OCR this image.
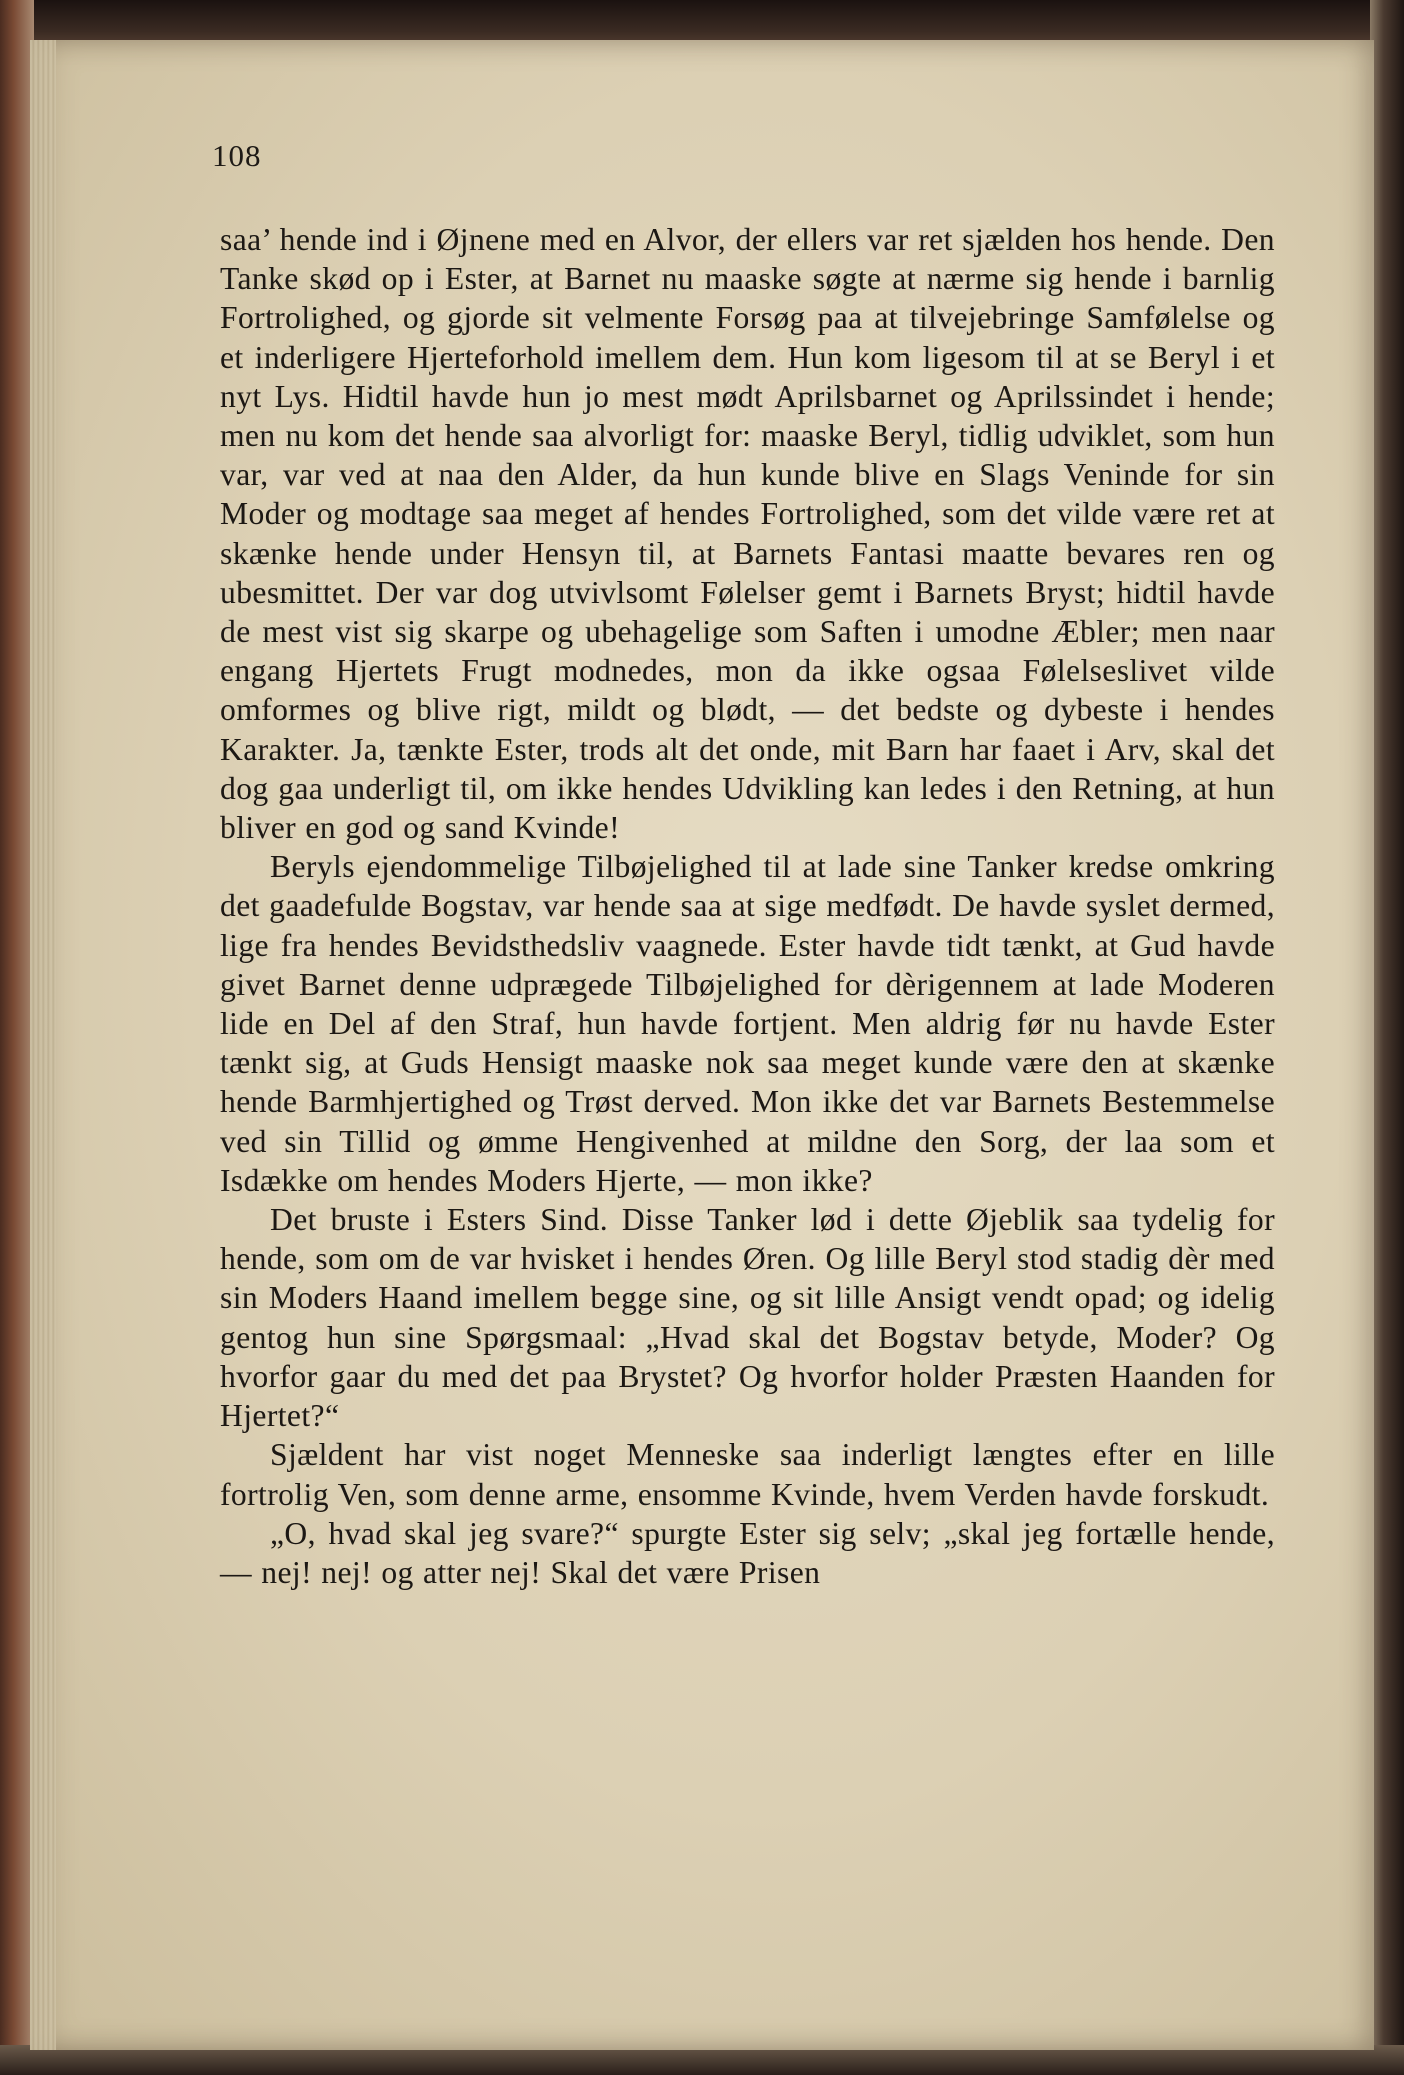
108

saa’ hende ind i Øjnene med en Alvor, der ellers var ret sjælden hos hende. Den Tanke skød op i Ester, at Barnet nu maaske søgte at nærme sig hende i barnlig Fortrolighed, og gjorde sit velmente Forsøg paa at tilvejebringe Samfølelse og et inderligere Hjerteforhold imellem dem. Hun kom ligesom til at se Beryl i et nyt Lys. Hidtil havde hun jo mest mødt Aprilsbarnet og Aprilssindet i hende; men nu kom det hende saa alvorligt for: maaske Beryl, tidlig udviklet, som hun var, var ved at naa den Alder, da hun kunde blive en Slags Veninde for sin Moder og modtage saa meget af hendes Fortrolighed, som det vilde være ret at skænke hende under Hensyn til, at Barnets Fantasi maatte bevares ren og ubesmittet. Der var dog utvivlsomt Følelser gemt i Barnets Bryst; hidtil havde de mest vist sig skarpe og ubehagelige som Saften i umodne Æbler; men naar engang Hjertets Frugt modnedes, mon da ikke ogsaa Følelseslivet vilde omformes og blive rigt, mildt og blødt, — det bedste og dybeste i hendes Karakter. Ja, tænkte Ester, trods alt det onde, mit Barn har faaet i Arv, skal det dog gaa underligt til, om ikke hendes Udvikling kan ledes i den Retning, at hun bliver en god og sand Kvinde!

Beryls ejendommelige Tilbøjelighed til at lade sine Tanker kredse omkring det gaadefulde Bogstav, var hende saa at sige medfødt. De havde syslet dermed, lige fra hendes Bevidsthedsliv vaagnede. Ester havde tidt tænkt, at Gud havde givet Barnet denne udprægede Tilbøjelighed for dèrigennem at lade Moderen lide en Del af den Straf, hun havde fortjent. Men aldrig før nu havde Ester tænkt sig, at Guds Hensigt maaske nok saa meget kunde være den at skænke hende Barmhjertighed og Trøst derved. Mon ikke det var Barnets Bestemmelse ved sin Tillid og ømme Hengivenhed at mildne den Sorg, der laa som et Isdække om hendes Moders Hjerte, — mon ikke?

Det bruste i Esters Sind. Disse Tanker lød i dette Øjeblik saa tydelig for hende, som om de var hvisket i hendes Øren. Og lille Beryl stod stadig dèr med sin Moders Haand imellem begge sine, og sit lille Ansigt vendt opad; og idelig gentog hun sine Spørgsmaal: „Hvad skal det Bogstav betyde, Moder? Og hvorfor gaar du med det paa Brystet? Og hvorfor holder Præsten Haanden for Hjertet?“

Sjældent har vist noget Menneske saa inderligt længtes efter en lille fortrolig Ven, som denne arme, ensomme Kvinde, hvem Verden havde forskudt.

„O, hvad skal jeg svare?“ spurgte Ester sig selv; „skal jeg fortælle hende, — nej! nej! og atter nej! Skal det være Prisen
